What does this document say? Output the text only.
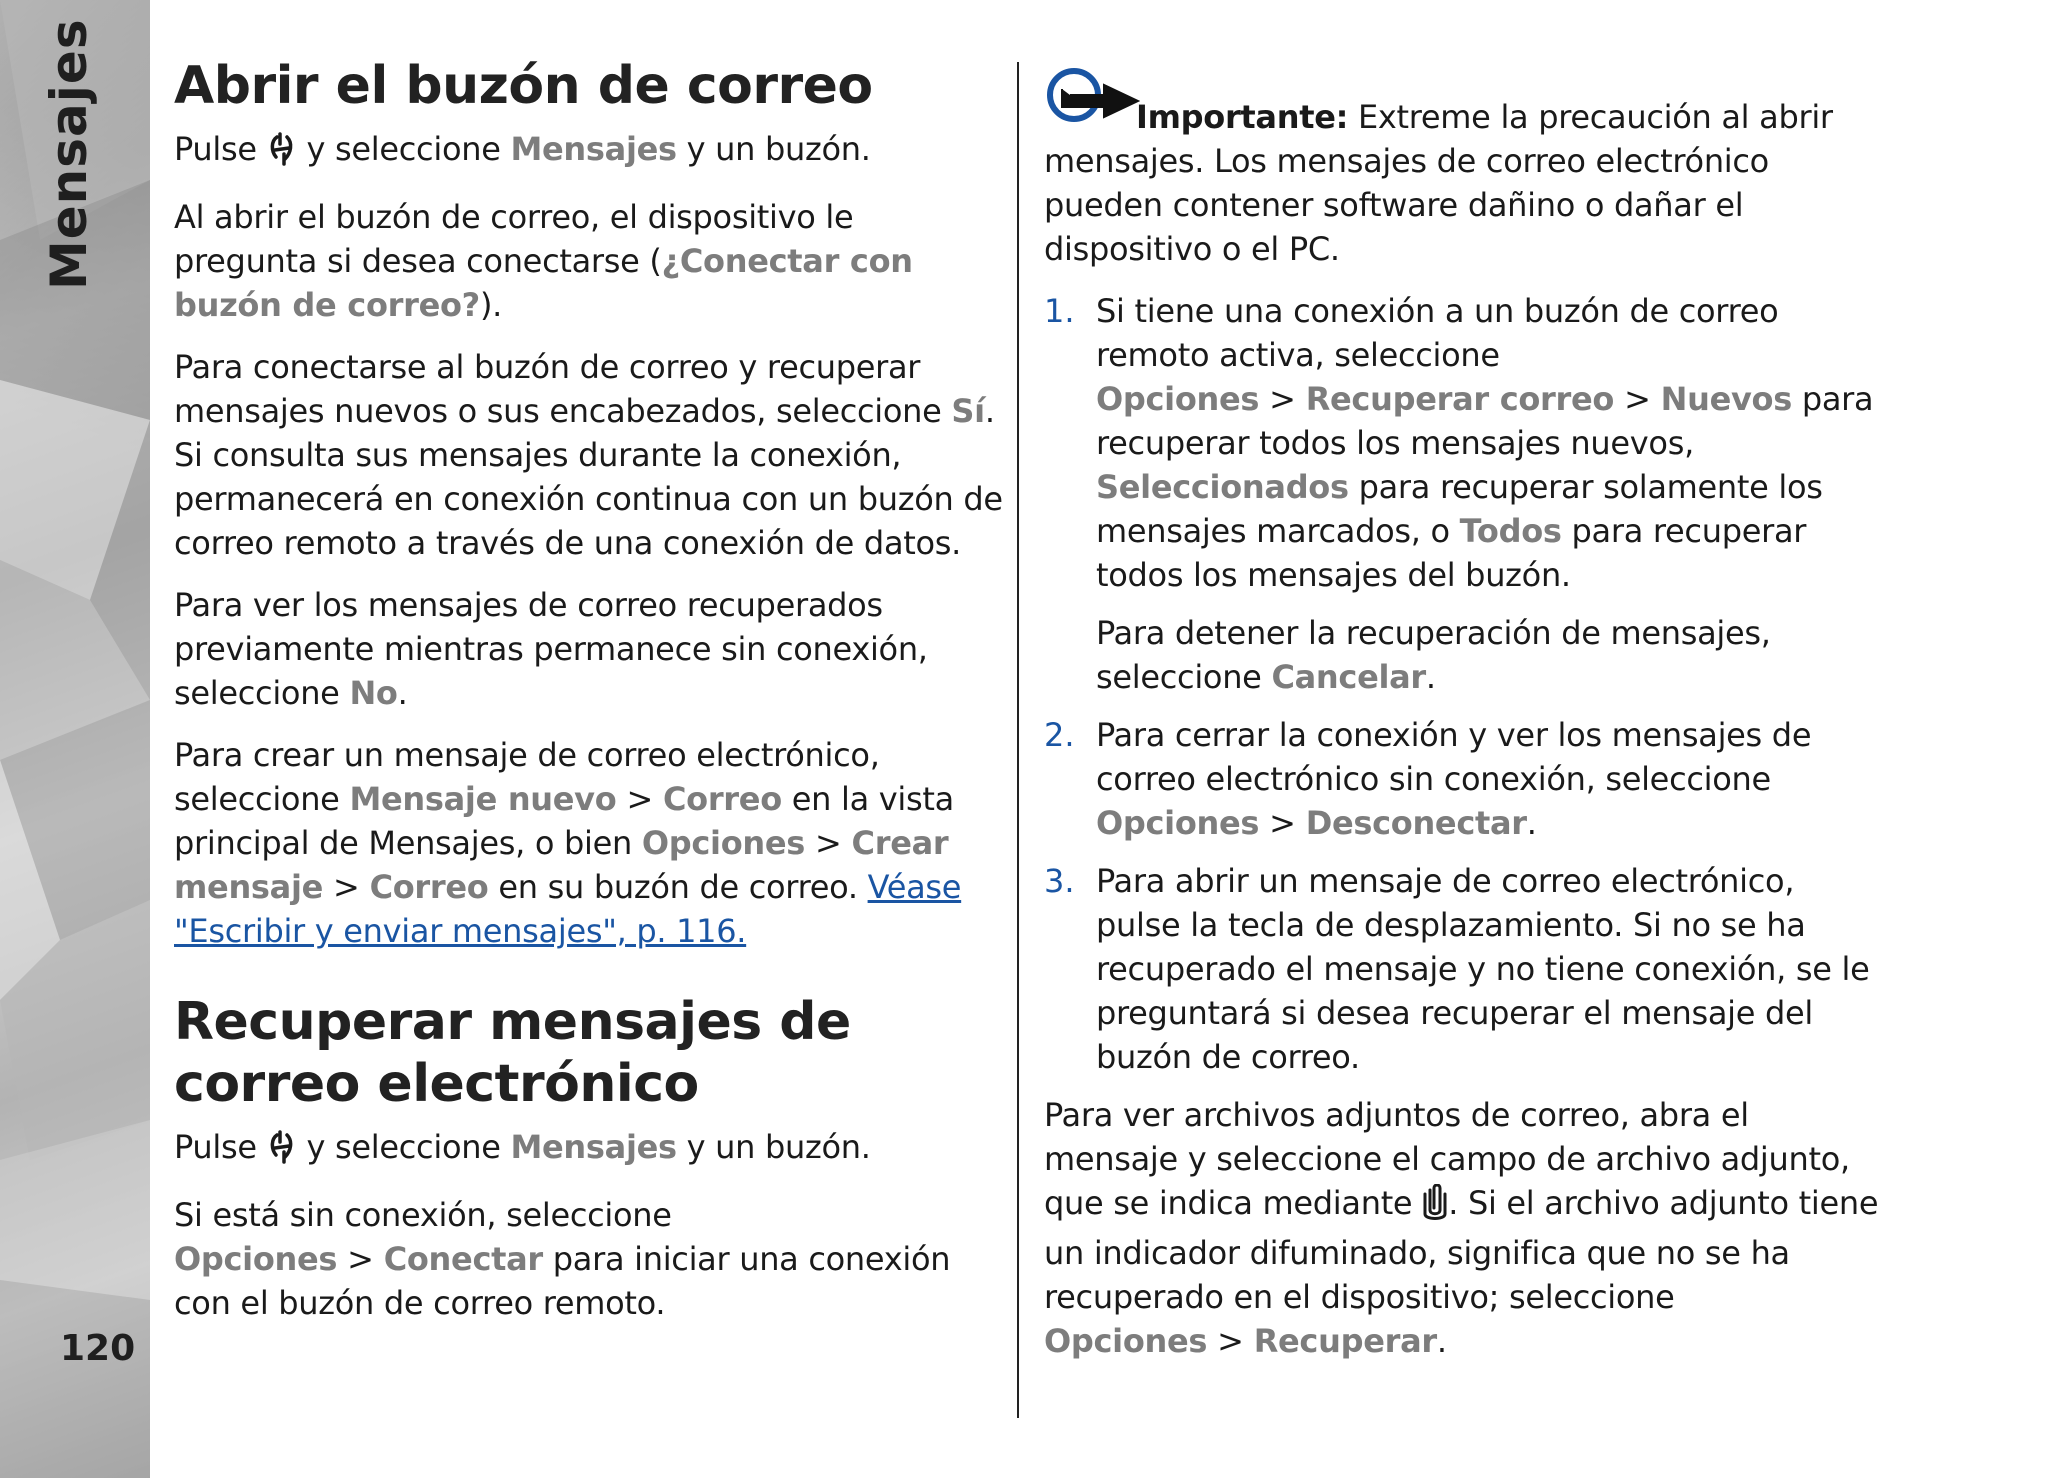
Mensajes
120
Abrir el buzón de correo

Pulse  y seleccione Mensajes y un buzón.

Al abrir el buzón de correo, el dispositivo le pregunta si desea conectarse (¿Conectar con buzón de correo?).

Para conectarse al buzón de correo y recuperar mensajes nuevos o sus encabezados, seleccione Sí. Si consulta sus mensajes durante la conexión, permanecerá en conexión continua con un buzón de correo remoto a través de una conexión de datos.

Para ver los mensajes de correo recuperados previamente mientras permanece sin conexión, seleccione No.

Para crear un mensaje de correo electrónico, seleccione Mensaje nuevo > Correo en la vista principal de Mensajes, o bien Opciones > Crear mensaje > Correo en su buzón de correo. Véase "Escribir y enviar mensajes", p. 116.

Recuperar mensajes de correo electrónico

Pulse  y seleccione Mensajes y un buzón.

Si está sin conexión, seleccione Opciones > Conectar para iniciar una conexión con el buzón de correo remoto.

Importante: Extreme la precaución al abrir mensajes. Los mensajes de correo electrónico pueden contener software dañino o dañar el dispositivo o el PC.

1. Si tiene una conexión a un buzón de correo remoto activa, seleccione Opciones > Recuperar correo > Nuevos para recuperar todos los mensajes nuevos, Seleccionados para recuperar solamente los mensajes marcados, o Todos para recuperar todos los mensajes del buzón.

Para detener la recuperación de mensajes, seleccione Cancelar.

2. Para cerrar la conexión y ver los mensajes de correo electrónico sin conexión, seleccione Opciones > Desconectar.

3. Para abrir un mensaje de correo electrónico, pulse la tecla de desplazamiento. Si no se ha recuperado el mensaje y no tiene conexión, se le preguntará si desea recuperar el mensaje del buzón de correo.

Para ver archivos adjuntos de correo, abra el mensaje y seleccione el campo de archivo adjunto, que se indica mediante . Si el archivo adjunto tiene un indicador difuminado, significa que no se ha recuperado en el dispositivo; seleccione Opciones > Recuperar.
